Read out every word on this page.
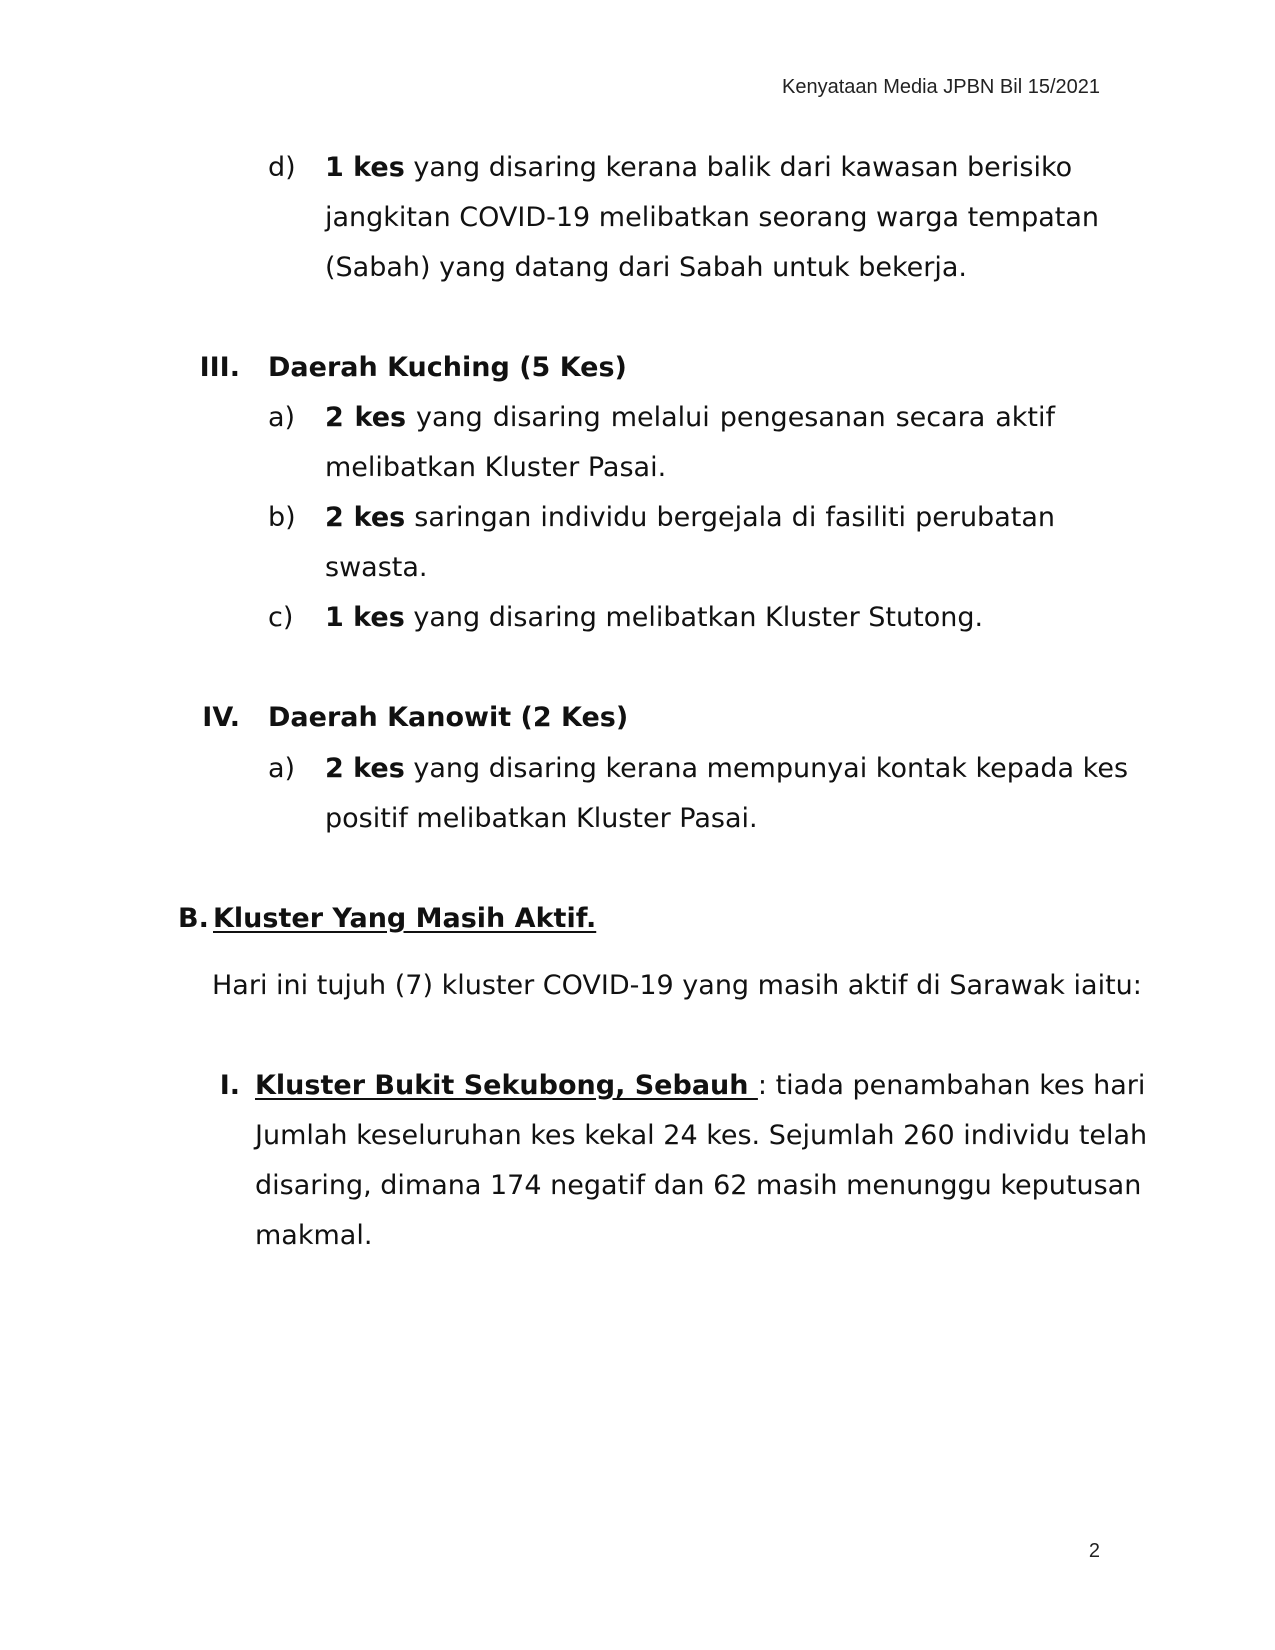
Kenyataan Media JPBN Bil 15/2021
2
d) 1 kes yang disaring kerana balik dari kawasan berisiko
jangkitan COVID-19 melibatkan seorang warga tempatan
(Sabah) yang datang dari Sabah untuk bekerja.
III. Daerah Kuching (5 Kes)
a) 2 kes yang disaring melalui pengesanan secara aktif
melibatkan Kluster Pasai.
b) 2 kes saringan individu bergejala di fasiliti perubatan
swasta.
c) 1 kes yang disaring melibatkan Kluster Stutong.
IV. Daerah Kanowit (2 Kes)
a) 2 kes yang disaring kerana mempunyai kontak kepada kes
positif melibatkan Kluster Pasai.
B. Kluster Yang Masih Aktif.
Hari ini tujuh (7) kluster COVID-19 yang masih aktif di Sarawak iaitu:
I. Kluster Bukit Sekubong, Sebauh : tiada penambahan kes hari
Jumlah keseluruhan kes kekal 24 kes. Sejumlah 260 individu telah
disaring, dimana 174 negatif dan 62 masih menunggu keputusan
makmal.
